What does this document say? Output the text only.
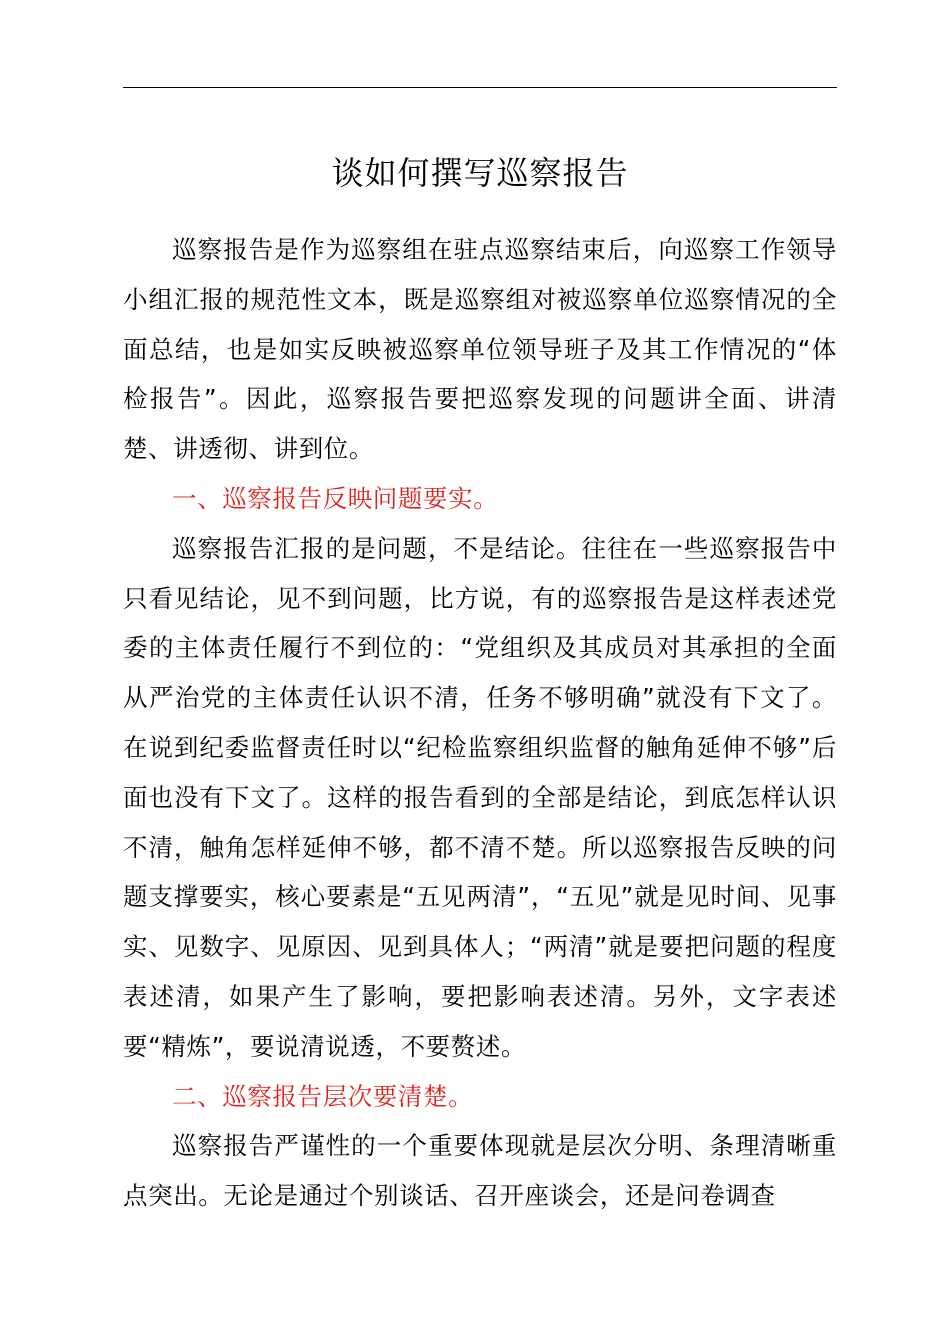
谈如何撰写巡察报告

巡察报告是作为巡察组在驻点巡察结束后，向巡察工作领导小组汇报的规范性文本，既是巡察组对被巡察单位巡察情况的全面总结，也是如实反映被巡察单位领导班子及其工作情况的“体检报告”。因此，巡察报告要把巡察发现的问题讲全面、讲清楚、讲透彻、讲到位。

一、巡察报告反映问题要实。

巡察报告汇报的是问题，不是结论。往往在一些巡察报告中只看见结论，见不到问题，比方说，有的巡察报告是这样表述党委的主体责任履行不到位的：“党组织及其成员对其承担的全面从严治党的主体责任认识不清，任务不够明确”就没有下文了。在说到纪委监督责任时以“纪检监察组织监督的触角延伸不够”后面也没有下文了。这样的报告看到的全部是结论，到底怎样认识不清，触角怎样延伸不够，都不清不楚。所以巡察报告反映的问题支撑要实，核心要素是“五见两清”，“五见”就是见时间、见事实、见数字、见原因、见到具体人；“两清”就是要把问题的程度表述清，如果产生了影响，要把影响表述清。另外，文字表述要“精炼”，要说清说透，不要赘述。

二、巡察报告层次要清楚。

巡察报告严谨性的一个重要体现就是层次分明、条理清晰重点突出。无论是通过个别谈话、召开座谈会，还是问卷调查
